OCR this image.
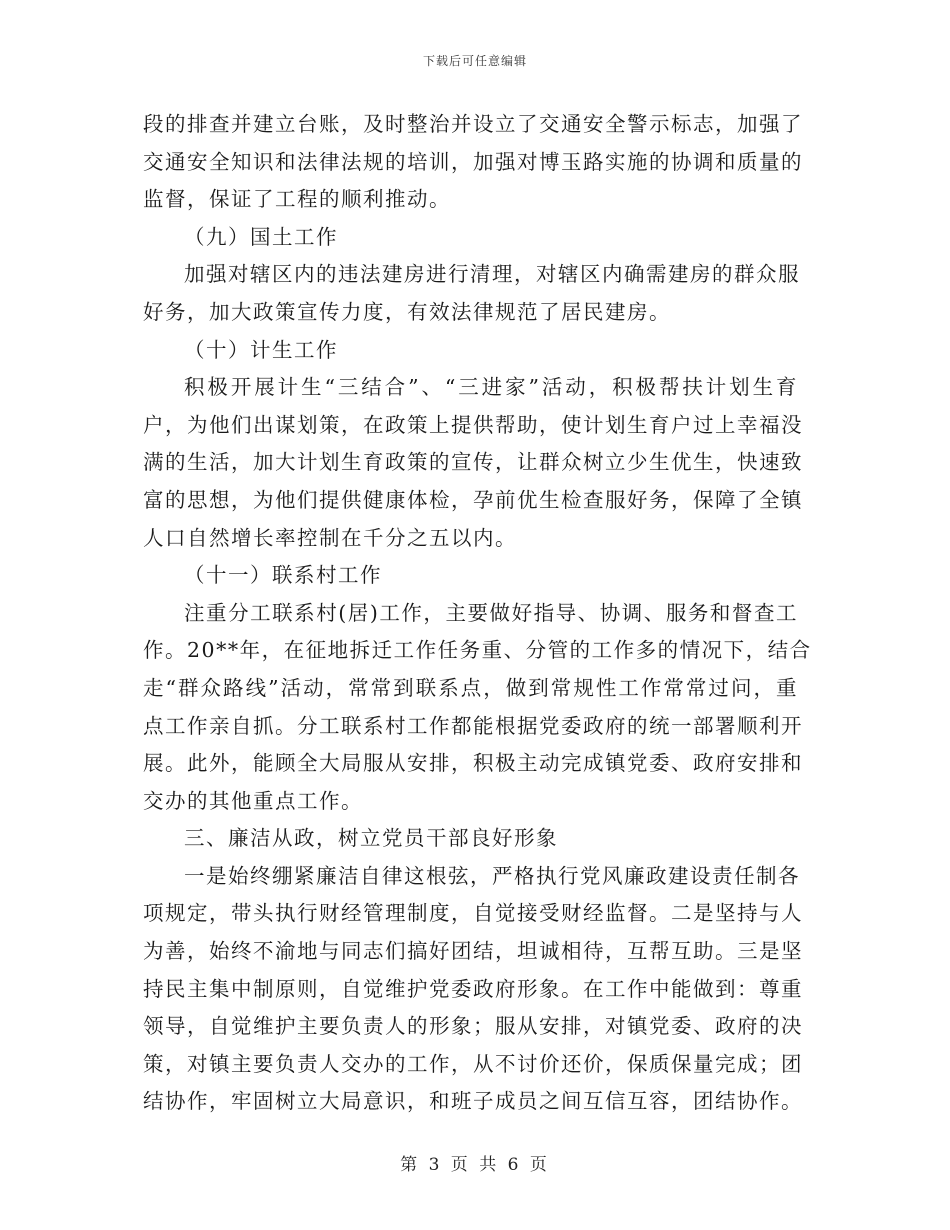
下载后可任意编辑
段的排查并建立台账，及时整治并设立了交通安全警示标志，加强了
交通安全知识和法律法规的培训，加强对博玉路实施的协调和质量的
监督，保证了工程的顺利推动。
（九）国土工作
加强对辖区内的违法建房进行清理，对辖区内确需建房的群众服
好务，加大政策宣传力度，有效法律规范了居民建房。
（十）计生工作
积极开展计生“三结合”、“三进家”活动，积极帮扶计划生育
户，为他们出谋划策，在政策上提供帮助，使计划生育户过上幸福没
满的生活，加大计划生育政策的宣传，让群众树立少生优生，快速致
富的思想，为他们提供健康体检，孕前优生检查服好务，保障了全镇
人口自然增长率控制在千分之五以内。
（十一）联系村工作
注重分工联系村(居)工作，主要做好指导、协调、服务和督查工
作。20**年，在征地拆迁工作任务重、分管的工作多的情况下，结合
走“群众路线”活动，常常到联系点，做到常规性工作常常过问，重
点工作亲自抓。分工联系村工作都能根据党委政府的统一部署顺利开
展。此外，能顾全大局服从安排，积极主动完成镇党委、政府安排和
交办的其他重点工作。
三、廉洁从政，树立党员干部良好形象
一是始终绷紧廉洁自律这根弦，严格执行党风廉政建设责任制各
项规定，带头执行财经管理制度，自觉接受财经监督。二是坚持与人
为善，始终不渝地与同志们搞好团结，坦诚相待，互帮互助。三是坚
持民主集中制原则，自觉维护党委政府形象。在工作中能做到：尊重
领导，自觉维护主要负责人的形象；服从安排，对镇党委、政府的决
策，对镇主要负责人交办的工作，从不讨价还价，保质保量完成；团
结协作，牢固树立大局意识，和班子成员之间互信互容，团结协作。
第 3 页 共 6 页
